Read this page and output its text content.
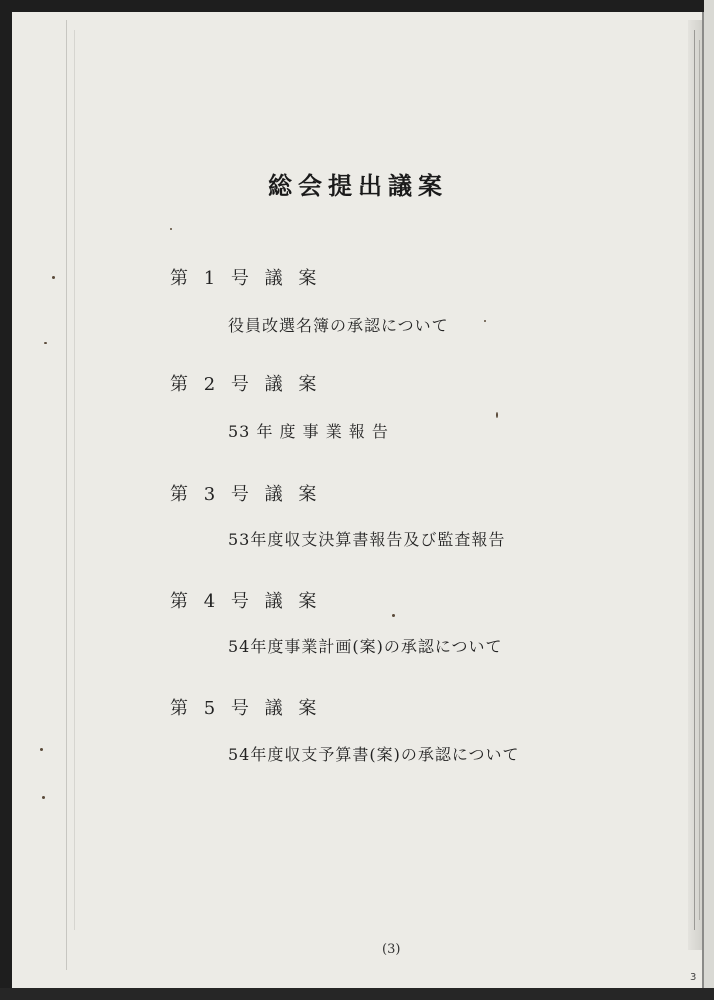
総会提出議案
第 1 号 議 案
役員改選名簿の承認について
第 2 号 議 案
53 年 度 事 業 報 告
第 3 号 議 案
53年度収支決算書報告及び監査報告
第 4 号 議 案
54年度事業計画(案)の承認について
第 5 号 議 案
54年度収支予算書(案)の承認について
(3)
3
